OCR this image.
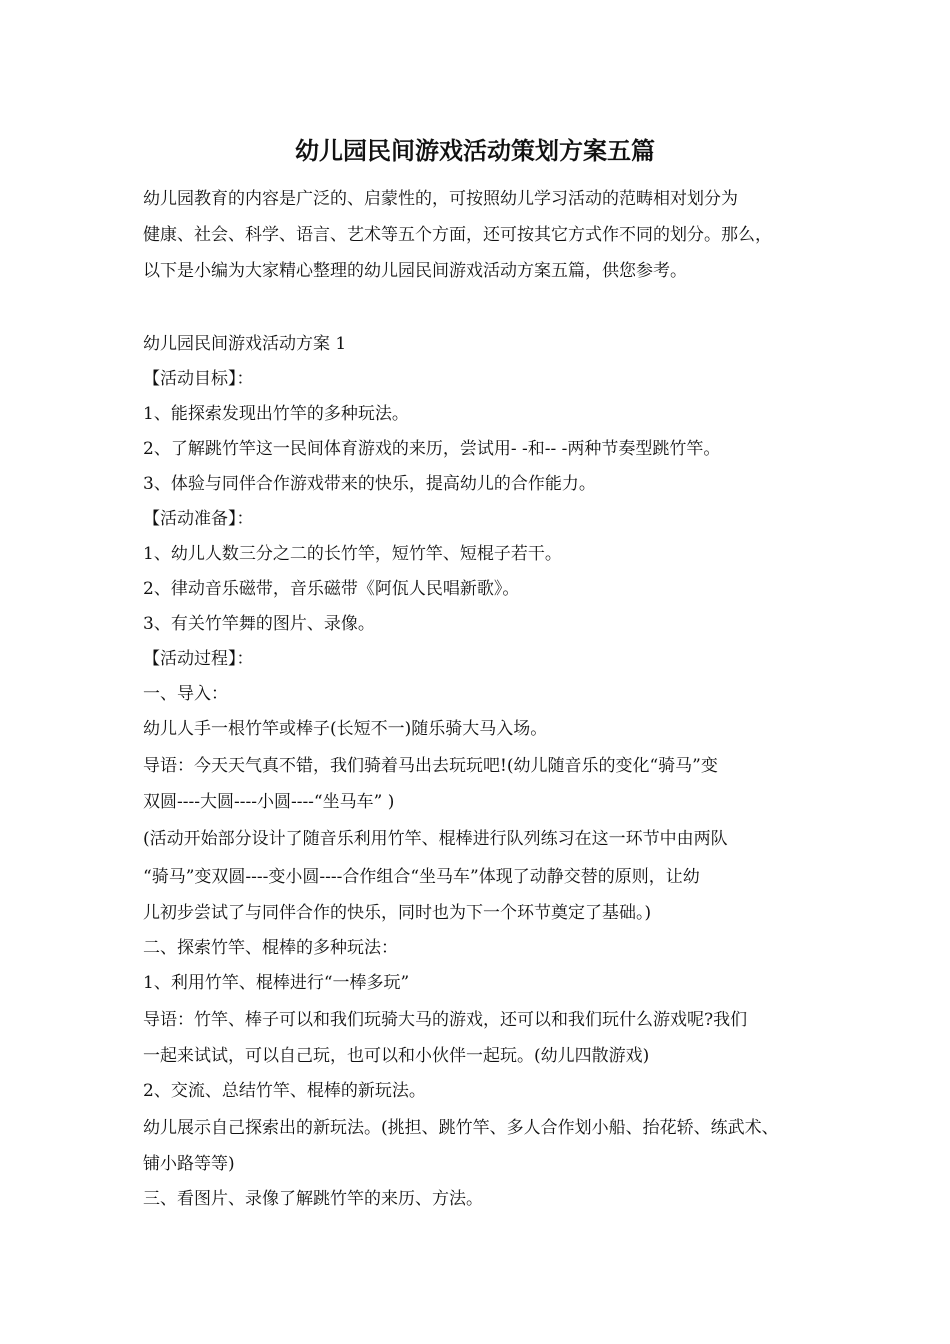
幼儿园民间游戏活动策划方案五篇

幼儿园教育的内容是广泛的、启蒙性的，可按照幼儿学习活动的范畴相对划分为

健康、社会、科学、语言、艺术等五个方面，还可按其它方式作不同的划分。那么，

以下是小编为大家精心整理的幼儿园民间游戏活动方案五篇，供您参考。

幼儿园民间游戏活动方案 1

【活动目标】：

1、能探索发现出竹竿的多种玩法。

2、了解跳竹竿这一民间体育游戏的来历，尝试用- -和-- -两种节奏型跳竹竿。

3、体验与同伴合作游戏带来的快乐，提高幼儿的合作能力。

【活动准备】：

1、幼儿人数三分之二的长竹竿，短竹竿、短棍子若干。

2、律动音乐磁带，音乐磁带《阿佤人民唱新歌》。

3、有关竹竿舞的图片、录像。

【活动过程】：

一、导入：

幼儿人手一根竹竿或棒子(长短不一)随乐骑大马入场。

导语：今天天气真不错，我们骑着马出去玩玩吧!(幼儿随音乐的变化“骑马”变

双圆----大圆----小圆----“坐马车” )

(活动开始部分设计了随音乐利用竹竿、棍棒进行队列练习在这一环节中由两队

“骑马”变双圆----变小圆----合作组合“坐马车”体现了动静交替的原则，让幼

儿初步尝试了与同伴合作的快乐，同时也为下一个环节奠定了基础。)

二、探索竹竿、棍棒的多种玩法：

1、利用竹竿、棍棒进行“一棒多玩”

导语：竹竿、棒子可以和我们玩骑大马的游戏，还可以和我们玩什么游戏呢?我们

一起来试试，可以自己玩，也可以和小伙伴一起玩。(幼儿四散游戏)

2、交流、总结竹竿、棍棒的新玩法。

幼儿展示自己探索出的新玩法。(挑担、跳竹竿、多人合作划小船、抬花轿、练武术、

铺小路等等)

三、看图片、录像了解跳竹竿的来历、方法。
